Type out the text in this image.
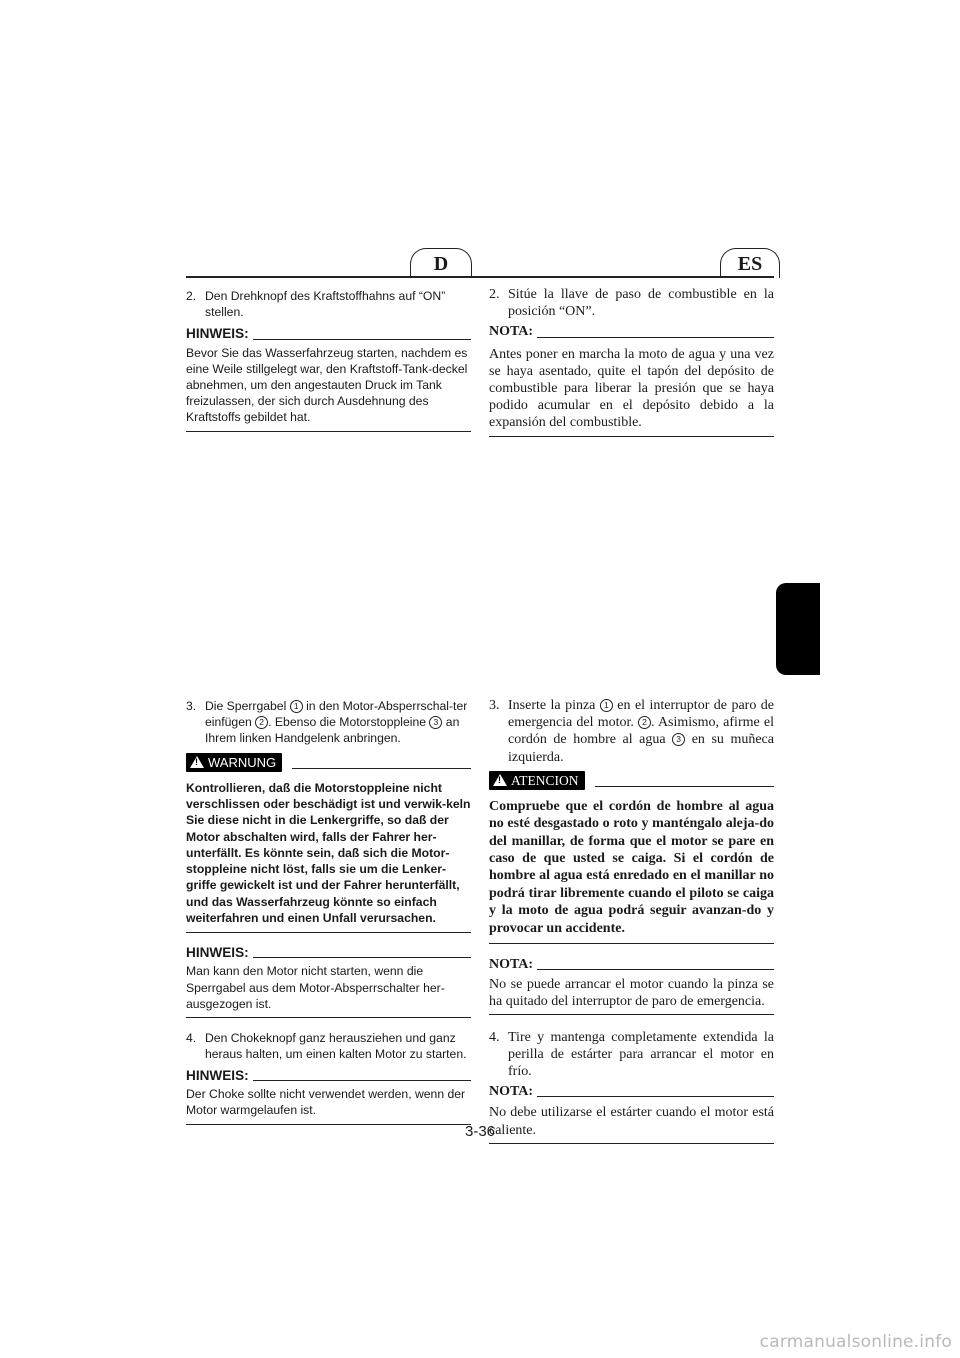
D	ES
2. Den Drehknopf des Kraftstoffhahns auf “ON” stellen.
HINWEIS:
Bevor Sie das Wasserfahrzeug starten, nachdem es eine Weile stillgelegt war, den Kraftstoff-Tank-deckel abnehmen, um den angestauten Druck im Tank freizulassen, der sich durch Ausdehnung des Kraftstoffs gebildet hat.
2. Sitúe la llave de paso de combustible en la posición “ON”.
NOTA:
Antes poner en marcha la moto de agua y una vez se haya asentado, quite el tapón del depósito de combustible para liberar la presión que se haya podido acumular en el depósito debido a la expansión del combustible.
3. Die Sperrgabel 1 in den Motor-Absperrschal-ter einfügen 2 . Ebenso die Motorstoppleine 3 an Ihrem linken Handgelenk anbringen.
!
WARNUNG
Kontrollieren, daß die Motorstoppleine nicht verschlissen oder beschädigt ist und verwik-keln Sie diese nicht in die Lenkergriffe, so daß der Motor abschalten wird, falls der Fahrer her-unterfällt. Es könnte sein, daß sich die Motor-stoppleine nicht löst, falls sie um die Lenker-griffe gewickelt ist und der Fahrer herunterfällt, und das Wasserfahrzeug könnte so einfach weiterfahren und einen Unfall verursachen.
HINWEIS:
Man kann den Motor nicht starten, wenn die Sperrgabel aus dem Motor-Absperrschalter her-ausgezogen ist.
4. Den Chokeknopf ganz herausziehen und ganz heraus halten, um einen kalten Motor zu starten.
HINWEIS:
Der Choke sollte nicht verwendet werden, wenn der Motor warmgelaufen ist.
3. Inserte la pinza 1 en el interruptor de paro de emergencia del motor. 2 . Asimismo, afirme el cordón de hombre al agua 3 en su muñeca izquierda.
!
ATENCION
Compruebe que el cordón de hombre al agua no esté desgastado o roto y manténgalo aleja-do del manillar, de forma que el motor se pare en caso de que usted se caiga. Si el cordón de hombre al agua está enredado en el manillar no podrá tirar libremente cuando el piloto se caiga y la moto de agua podrá seguir avanzan-do y provocar un accidente.
NOTA:
No se puede arrancar el motor cuando la pinza se ha quitado del interruptor de paro de emergencia.
4. Tire y mantenga completamente extendida la perilla de estárter para arrancar el motor en frío.
NOTA:
No debe utilizarse el estárter cuando el motor está caliente.
3-36
carmanualsonline.info
